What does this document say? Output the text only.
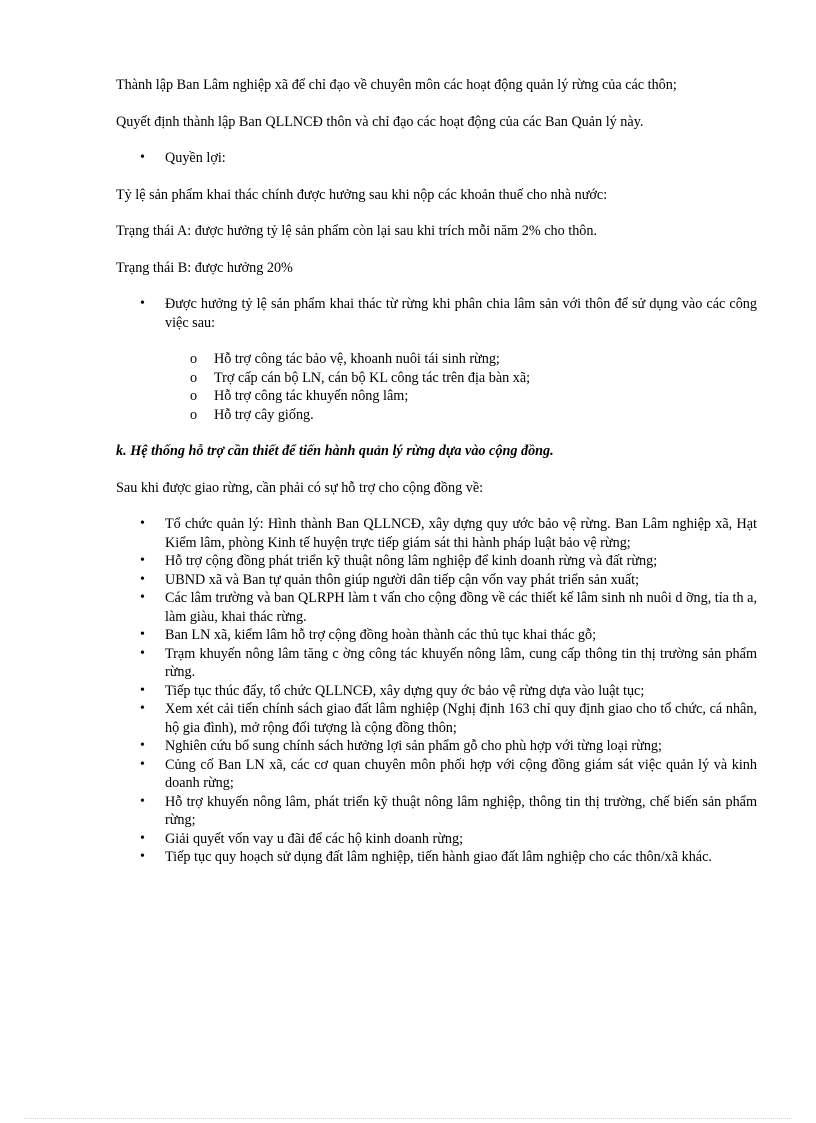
Thành lập Ban Lâm nghiệp xã để chỉ đạo về chuyên môn các hoạt động quản lý rừng của các thôn;

Quyết định thành lập Ban QLLNCĐ thôn và chỉ đạo các hoạt động của các Ban Quản lý này.

• Quyền lợi:

Tỷ lệ sản phẩm khai thác chính được hưởng sau khi nộp các khoản thuế cho nhà nước:

Trạng thái A: được hưởng tỷ lệ sản phẩm còn lại sau khi trích mỗi năm 2% cho thôn.

Trạng thái B: được hưởng 20%

• Được hưởng tỷ lệ sản phẩm khai thác từ rừng khi phân chia lâm sản với thôn để sử dụng vào các công việc sau:
o Hỗ trợ công tác bảo vệ, khoanh nuôi tái sinh rừng;
o Trợ cấp cán bộ LN, cán bộ KL công tác trên địa bàn xã;
o Hỗ trợ công tác khuyến nông lâm;
o Hỗ trợ cây giống.

k. Hệ thống hỗ trợ cần thiết để tiến hành quản lý rừng dựa vào cộng đồng.

Sau khi được giao rừng, cần phải có sự hỗ trợ cho cộng đồng về:

• Tổ chức quản lý: Hình thành Ban QLLNCĐ, xây dựng quy ước bảo vệ rừng. Ban Lâm nghiệp xã, Hạt Kiểm lâm, phòng Kinh tế huyện trực tiếp giám sát thi hành pháp luật bảo vệ rừng;
• Hỗ trợ cộng đồng phát triển kỹ thuật nông lâm nghiệp để kinh doanh rừng và đất rừng;
• UBND xã và Ban tự quản thôn giúp người dân tiếp cận vốn vay phát triển sản xuất;
• Các lâm trường và ban QLRPH làm t vấn cho cộng đồng về các thiết kế lâm sinh nh nuôi d ỡng, tỉa th a, làm giàu, khai thác rừng.
• Ban LN xã, kiểm lâm hỗ trợ cộng đồng hoàn thành các thủ tục khai thác gỗ;
• Trạm khuyến nông lâm tăng c ờng công tác khuyến nông lâm, cung cấp thông tin thị trường sản phẩm rừng.
• Tiếp tục thúc đẩy, tổ chức QLLNCĐ, xây dựng quy ớc bảo vệ rừng dựa vào luật tục;
• Xem xét cải tiến chính sách giao đất lâm nghiệp (Nghị định 163 chỉ quy định giao cho tổ chức, cá nhân, hộ gia đình), mở rộng đối tượng là cộng đồng thôn;
• Nghiên cứu bổ sung chính sách hưởng lợi sản phẩm gỗ cho phù hợp với từng loại rừng;
• Củng cố Ban LN xã, các cơ quan chuyên môn phối hợp với cộng đồng giám sát việc quản lý và kinh doanh rừng;
• Hỗ trợ khuyến nông lâm, phát triển kỹ thuật nông lâm nghiệp, thông tin thị trường, chế biến sản phẩm rừng;
• Giải quyết vốn vay u đãi để các hộ kinh doanh rừng;
• Tiếp tục quy hoạch sử dụng đất lâm nghiệp, tiến hành giao đất lâm nghiệp cho các thôn/xã khác.
